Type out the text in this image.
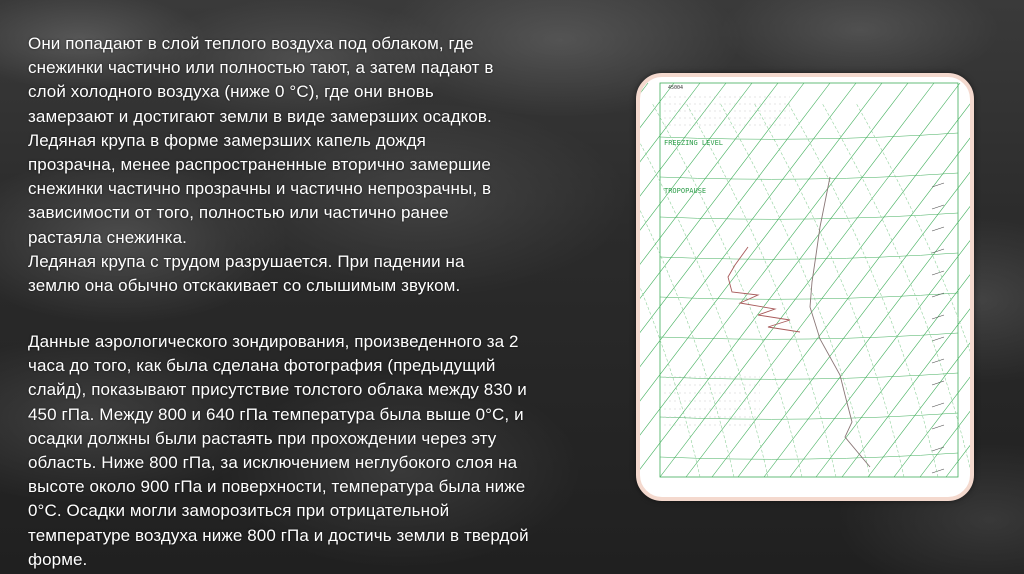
Они попадают в слой теплого воздуха под облаком, где
снежинки частично или полностью тают, а затем падают в
слой холодного воздуха (ниже 0 °C), где они вновь
замерзают и достигают земли в виде замерзших осадков.
Ледяная крупа в форме замерзших капель дождя
прозрачна, менее распространенные вторично замершие
снежинки частично прозрачны и частично непрозрачны, в
зависимости от того, полностью или частично ранее
растаяла снежинка.
Ледяная крупа с трудом разрушается. При падении на
землю она обычно отскакивает со слышимым звуком.
Данные аэрологического зондирования, произведенного за 2
часа до того, как была сделана фотография (предыдущий
слайд), показывают присутствие толстого облака между 830 и
450 гПа. Между 800 и 640 гПа температура была выше 0°С, и
осадки должны были растаять при прохождении через эту
область. Ниже 800 гПа, за исключением неглубокого слоя на
высоте около 900 гПа и поверхности, температура была ниже
0°С. Осадки могли заморозиться при отрицательной
температуре воздуха ниже 800 гПа и достичь земли в твердой
форме.
45004
FREEZING LEVEL
TROPOPAUSE
